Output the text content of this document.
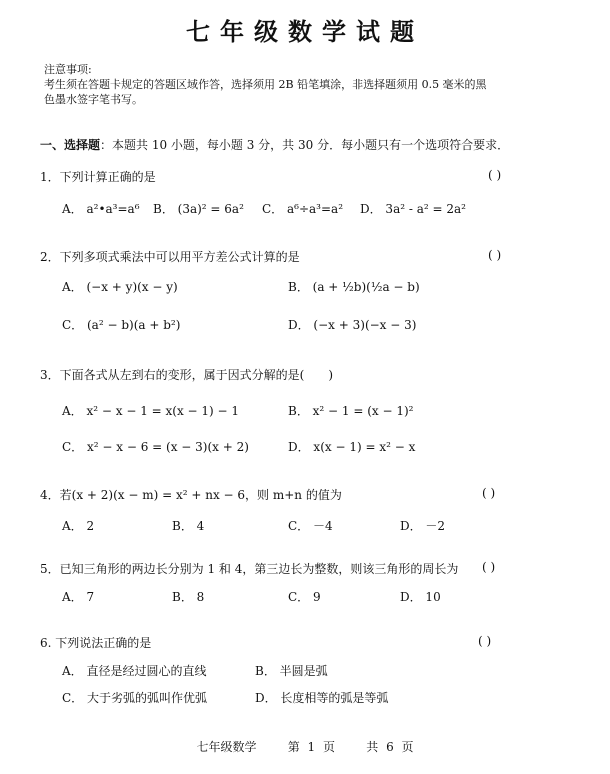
七年级数学试题
注意事项:
考生须在答题卡规定的答题区域作答，选择须用 2B 铅笔填涂，非选择题须用 0.5 毫米的黑
色墨水签字笔书写。
一、选择题：本题共 10 小题，每小题 3 分，共 30 分．每小题只有一个选项符合要求．
1．下列计算正确的是	( )
A． a²•a³=a⁶ B． (3a)² = 6a² C． a⁶÷a³=a² D． 3a² - a² = 2a²
2．下列多项式乘法中可以用平方差公式计算的是	( )
A． (−x + y)(x − y)	B． (a + ½b)(½a − b)
C． (a² − b)(a + b²)	D． (−x + 3)(−x − 3)
3．下面各式从左到右的变形，属于因式分解的是(　　)
A． x² − x − 1 = x(x − 1) − 1	B． x² − 1 = (x − 1)²
C． x² − x − 6 = (x − 3)(x + 2)	D． x(x − 1) = x² − x
4．若(x + 2)(x − m) = x² + nx − 6，则 m+n 的值为	( )
A． 2	B． 4	C． －4	D． －2
5．已知三角形的两边长分别为 1 和 4，第三边长为整数，则该三角形的周长为 ( )
A． 7	B． 8	C． 9	D． 10
6. 下列说法正确的是	( )
A． 直径是经过圆心的直线	B． 半圆是弧
C． 大于劣弧的弧叫作优弧	D． 长度相等的弧是等弧
七年级数学	第 1 页	共 6 页
